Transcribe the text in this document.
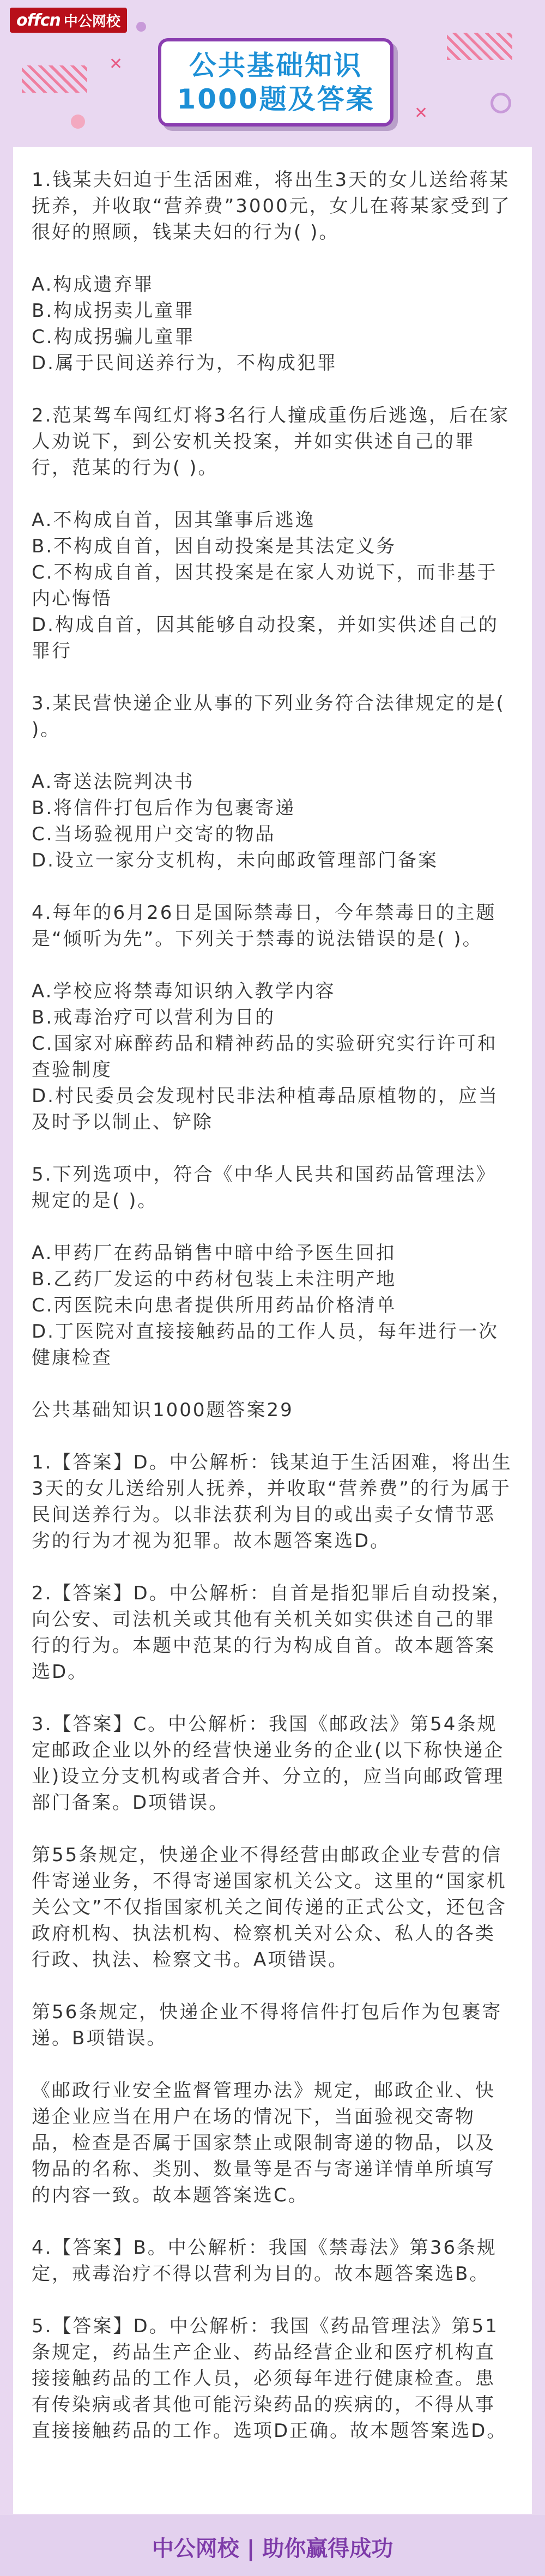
offcn 中公网校
✕
✕
公共基础知识
1000题及答案

1.钱某夫妇迫于生活困难，将出生3天的女儿送给蒋某抚养，并收取“营养费”3000元，女儿在蒋某家受到了很好的照顾，钱某夫妇的行为( )。

A.构成遗弃罪

B.构成拐卖儿童罪

C.构成拐骗儿童罪

D.属于民间送养行为，不构成犯罪

2.范某驾车闯红灯将3名行人撞成重伤后逃逸，后在家人劝说下，到公安机关投案，并如实供述自己的罪行，范某的行为( )。

A.不构成自首，因其肇事后逃逸

B.不构成自首，因自动投案是其法定义务

C.不构成自首，因其投案是在家人劝说下，而非基于内心悔悟

D.构成自首，因其能够自动投案，并如实供述自己的罪行

3.某民营快递企业从事的下列业务符合法律规定的是( )。

A.寄送法院判决书

B.将信件打包后作为包裹寄递

C.当场验视用户交寄的物品

D.设立一家分支机构，未向邮政管理部门备案

4.每年的6月26日是国际禁毒日，今年禁毒日的主题是“倾听为先”。下列关于禁毒的说法错误的是( )。

A.学校应将禁毒知识纳入教学内容

B.戒毒治疗可以营利为目的

C.国家对麻醉药品和精神药品的实验研究实行许可和查验制度

D.村民委员会发现村民非法种植毒品原植物的，应当及时予以制止、铲除

5.下列选项中，符合《中华人民共和国药品管理法》规定的是( )。

A.甲药厂在药品销售中暗中给予医生回扣

B.乙药厂发运的中药材包装上未注明产地

C.丙医院未向患者提供所用药品价格清单

D.丁医院对直接接触药品的工作人员，每年进行一次健康检查

公共基础知识1000题答案29

1.【答案】D。中公解析：钱某迫于生活困难，将出生3天的女儿送给别人抚养，并收取“营养费”的行为属于民间送养行为。以非法获利为目的或出卖子女情节恶劣的行为才视为犯罪。故本题答案选D。

2.【答案】D。中公解析：自首是指犯罪后自动投案，向公安、司法机关或其他有关机关如实供述自己的罪行的行为。本题中范某的行为构成自首。故本题答案选D。

3.【答案】C。中公解析：我国《邮政法》第54条规定邮政企业以外的经营快递业务的企业(以下称快递企业)设立分支机构或者合并、分立的，应当向邮政管理部门备案。D项错误。

第55条规定，快递企业不得经营由邮政企业专营的信件寄递业务，不得寄递国家机关公文。这里的“国家机关公文”不仅指国家机关之间传递的正式公文，还包含政府机构、执法机构、检察机关对公众、私人的各类行政、执法、检察文书。A项错误。

第56条规定，快递企业不得将信件打包后作为包裹寄递。B项错误。

《邮政行业安全监督管理办法》规定，邮政企业、快递企业应当在用户在场的情况下，当面验视交寄物品，检查是否属于国家禁止或限制寄递的物品，以及物品的名称、类别、数量等是否与寄递详情单所填写的内容一致。故本题答案选C。

4.【答案】B。中公解析：我国《禁毒法》第36条规定，戒毒治疗不得以营利为目的。故本题答案选B。

5.【答案】D。中公解析：我国《药品管理法》第51条规定，药品生产企业、药品经营企业和医疗机构直接接触药品的工作人员，必须每年进行健康检查。患有传染病或者其他可能污染药品的疾病的，不得从事直接接触药品的工作。选项D正确。故本题答案选D。

中公网校 | 助你赢得成功
